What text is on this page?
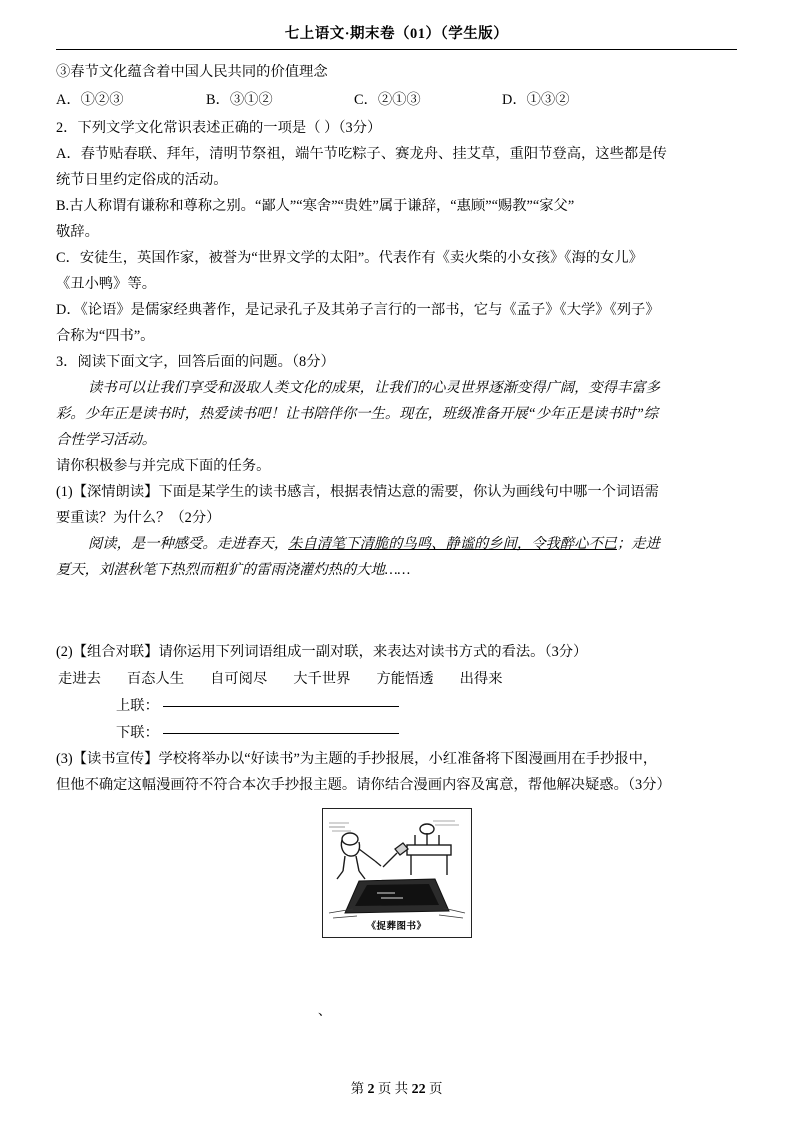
七上语文·期末卷（01）（学生版）
③春节文化蕴含着中国人民共同的价值理念
A．①②③	B．③①②	C．②①③	D．①③②
2．下列文学文化常识表述正确的一项是（ ）（3分）
A．春节贴春联、拜年，清明节祭祖，端午节吃粽子、赛龙舟、挂艾草，重阳节登高，这些都是传
统节日里约定俗成的活动。
B.古人称谓有谦称和尊称之别。“鄙人”“寒舍”“贵姓”属于谦辞，“惠顾”“赐教”“家父”
敬辞。
C．安徒生，英国作家，被誉为“世界文学的太阳”。代表作有《卖火柴的小女孩》《海的女儿》
《丑小鸭》等。
D．《论语》是儒家经典著作，是记录孔子及其弟子言行的一部书，它与《孟子》《大学》《列子》
合称为“四书”。
3．阅读下面文字，回答后面的问题。（8分）
读书可以让我们享受和汲取人类文化的成果，让我们的心灵世界逐渐变得广阔，变得丰富多
彩。少年正是读书时，热爱读书吧！让书陪伴你一生。现在，班级准备开展“少年正是读书时”综
合性学习活动。
请你积极参与并完成下面的任务。
(1)【深情朗读】下面是某学生的读书感言，根据表情达意的需要，你认为画线句中哪一个词语需
要重读？为什么？（2分）
阅读，是一种感受。走进春天，朱自清笔下清脆的鸟鸣、静谧的乡间，令我醉心不已；走进
夏天，刘湛秋笔下热烈而粗犷的雷雨浇灌灼热的大地……
(2)【组合对联】请你运用下列词语组成一副对联，来表达对读书方式的看法。（3分）
走进去 百态人生 自可阅尽 大千世界 方能悟透 出得来
上联：
下联：
(3)【读书宣传】学校将举办以“好读书”为主题的手抄报展，小红准备将下图漫画用在手抄报中，
但他不确定这幅漫画符不符合本次手抄报主题。请你结合漫画内容及寓意，帮他解决疑惑。（3分）
、
《捉葬图书》
第 2 页 共 22 页
